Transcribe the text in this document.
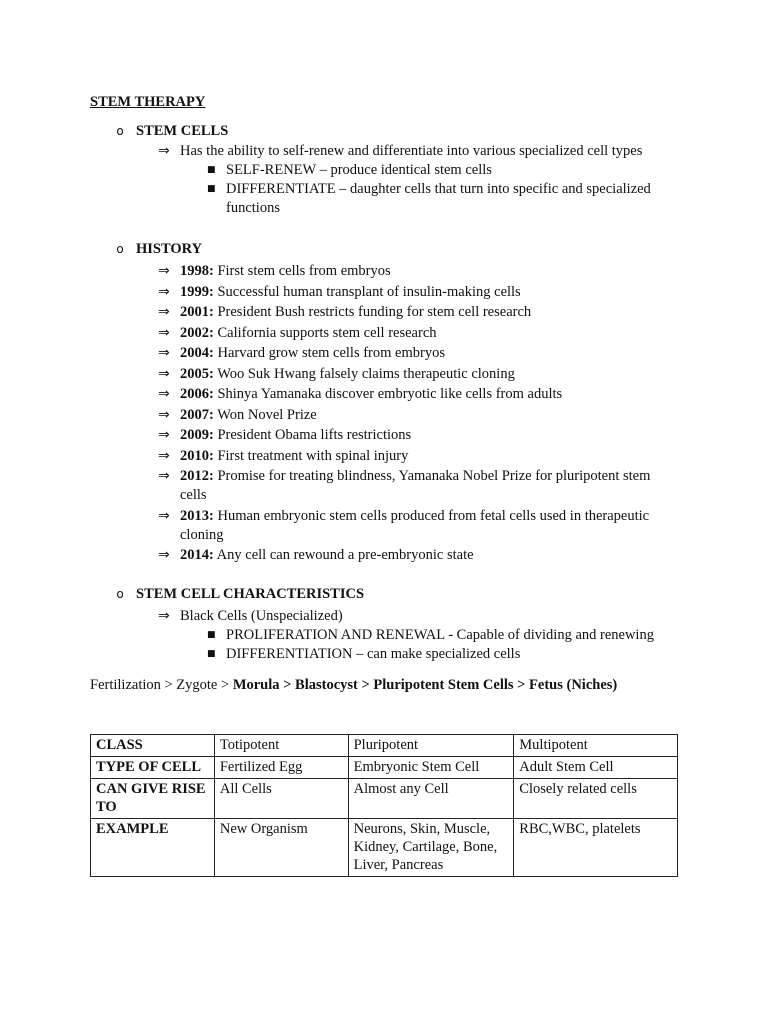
STEM THERAPY
o STEM CELLS
⇒ Has the ability to self-renew and differentiate into various specialized cell types
■ SELF-RENEW – produce identical stem cells
■ DIFFERENTIATE – daughter cells that turn into specific and specialized functions
o HISTORY
⇒ 1998: First stem cells from embryos
⇒ 1999: Successful human transplant of insulin-making cells
⇒ 2001: President Bush restricts funding for stem cell research
⇒ 2002: California supports stem cell research
⇒ 2004: Harvard grow stem cells from embryos
⇒ 2005: Woo Suk Hwang falsely claims therapeutic cloning
⇒ 2006: Shinya Yamanaka discover embryotic like cells from adults
⇒ 2007: Won Novel Prize
⇒ 2009: President Obama lifts restrictions
⇒ 2010: First treatment with spinal injury
⇒ 2012: Promise for treating blindness, Yamanaka Nobel Prize for pluripotent stem cells
⇒ 2013: Human embryonic stem cells produced from fetal cells used in therapeutic cloning
⇒ 2014: Any cell can rewound a pre-embryonic state
o STEM CELL CHARACTERISTICS
⇒ Black Cells (Unspecialized)
■ PROLIFERATION AND RENEWAL - Capable of dividing and renewing
■ DIFFERENTIATION – can make specialized cells
Fertilization > Zygote > Morula > Blastocyst > Pluripotent Stem Cells > Fetus (Niches)
CLASS	Totipotent	Pluripotent	Multipotent
TYPE OF CELL	Fertilized Egg	Embryonic Stem Cell	Adult Stem Cell
CAN GIVE RISE TO	All Cells	Almost any Cell	Closely related cells
EXAMPLE	New Organism	Neurons, Skin, Muscle, Kidney, Cartilage, Bone, Liver, Pancreas	RBC,WBC, platelets
